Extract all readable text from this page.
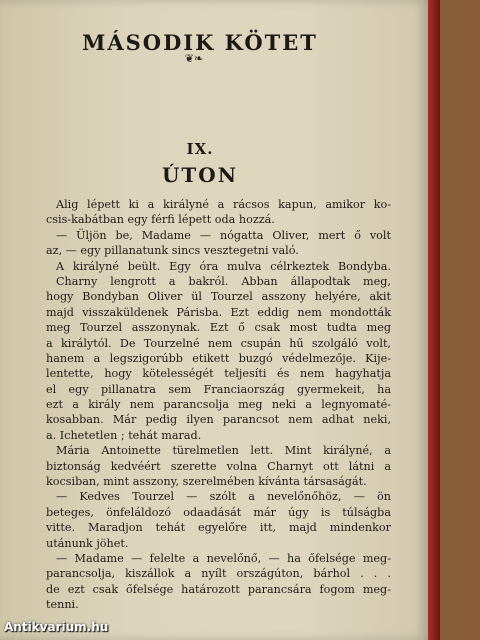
MÁSODIK KÖTET
❦❧
IX.
ÚTON
Alig lépett ki a királyné a rácsos kapun, amikor ko-
csis-kabátban egy férfi lépett oda hozzá.
— Üljön be, Madame — nógatta Oliver, mert ő volt
az, — egy pillanatunk sincs vesztegetni való.
A királyné beült. Egy óra mulva célrkeztek Bondyba.
Charny lengrott a bakról. Abban állapodtak meg,
hogy Bondyban Oliver ül Tourzel asszony helyére, akit
majd visszaküldenek Párisba. Ezt eddig nem mondották
meg Tourzel asszonynak. Ezt ő csak most tudta meg
a királytól. De Tourzelné nem csupán hű szolgáló volt,
hanem a legszigorúbb etikett buzgó védelmezője. Kije-
lentette, hogy kötelességét teljesíti és nem hagyhatja
el egy pillanatra sem Franciaország gyermekeit, ha
ezt a király nem parancsolja meg neki a legnyomaté-
kosabban. Már pedig ilyen parancsot nem adhat neki,
a. Ichetetlen ; tehát marad.
Mária Antoinette türelmetlen lett. Mint királyné, a
biztonság kedvéért szerette volna Charnyt ott látni a
kocsiban, mint asszony, szerelmében kívánta társaságát.
— Kedves Tourzel — szólt a nevelőnőhöz, — ön
beteges, önfeláldozó odaadását már úgy is túlságba
vitte. Maradjon tehát egyelőre itt, majd mindenkor
utánunk jöhet.
— Madame — felelte a nevelőnő, — ha őfelsége meg-
parancsolja, kiszállok a nyílt országúton, bárhol . . .
de ezt csak őfelsége határozott parancsára fogom meg-
tenni.
Antikvarium.hu
